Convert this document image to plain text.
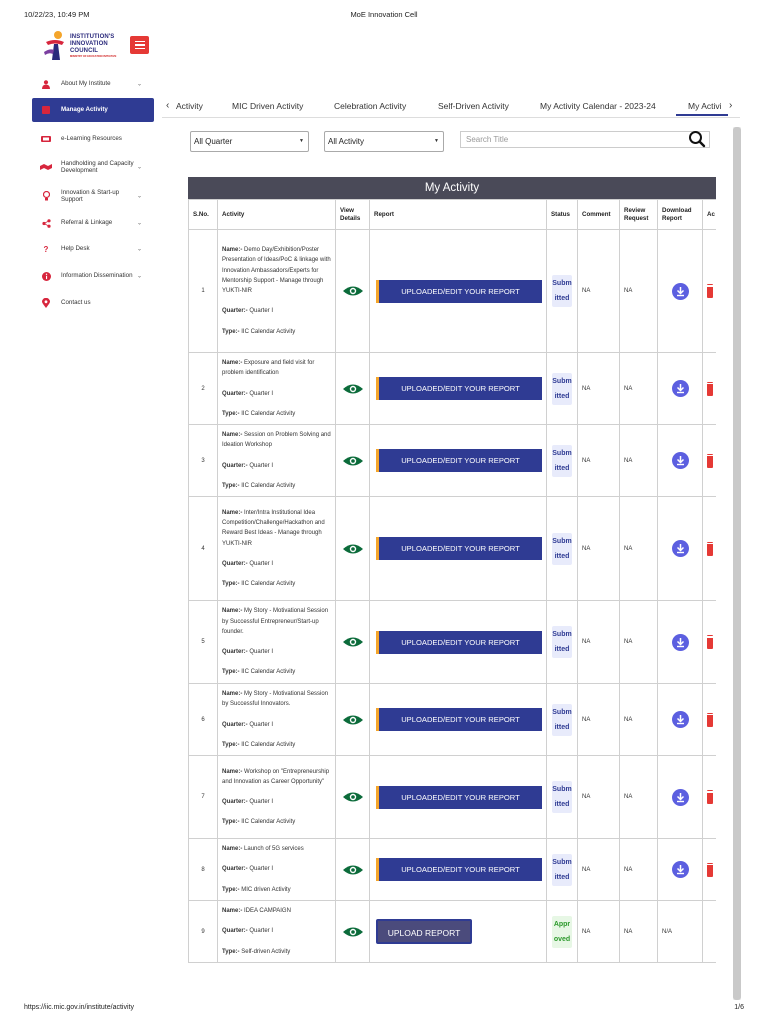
10/22/23, 10:49 PM	MoE Innovation Cell
INSTITUTION'S
INNOVATION
COUNCIL
MINISTRY OF EDUCATION INITIATIVE
About My Institute	⌄
Manage Activity
e-Learning Resources
Handholding and Capacity Development	⌄
Innovation & Start-up Support	⌄
Referral & Linkage	⌄
?	Help Desk	⌄
Information Dissemination ⌄
Contact us
‹ Activity	MIC Driven Activity	Celebration Activity	Self-Driven Activity	My Activity Calendar - 2023-24	My Activi ›
All Quarter	▼	All Activity	▼	Search Title
My Activity
S.No.	Activity	View Details	Report	Status	Comment	Review Request	Download Report	Ac
1	Name:- Demo Day/Exhibition/Poster Presentation of Ideas/PoC & linkage with Innovation Ambassadors/Experts for Mentorship Support - Manage through YUKTI-NIR

Quarter:- Quarter I

Type:- IIC Calendar Activity		UPLOADED/EDIT YOUR REPORT	Submitted	NA	NA	

2	Name:- Exposure and field visit for problem identification

Quarter:- Quarter I

Type:- IIC Calendar Activity		UPLOADED/EDIT YOUR REPORT	Submitted	NA	NA	

3	Name:- Session on Problem Solving and Ideation Workshop

Quarter:- Quarter I

Type:- IIC Calendar Activity		UPLOADED/EDIT YOUR REPORT	Submitted	NA	NA	

4	Name:- Inter/Intra Institutional Idea Competition/Challenge/Hackathon and Reward Best Ideas - Manage through YUKTI-NIR

Quarter:- Quarter I

Type:- IIC Calendar Activity		UPLOADED/EDIT YOUR REPORT	Submitted	NA	NA	

5	Name:- My Story - Motivational Session by Successful Entrepreneur/Start-up founder.

Quarter:- Quarter I

Type:- IIC Calendar Activity		UPLOADED/EDIT YOUR REPORT	Submitted	NA	NA	

6	Name:- My Story - Motivational Session by Successful Innovators.

Quarter:- Quarter I

Type:- IIC Calendar Activity		UPLOADED/EDIT YOUR REPORT	Submitted	NA	NA	

7	Name:- Workshop on "Entrepreneurship and Innovation as Career Opportunity"

Quarter:- Quarter I

Type:- IIC Calendar Activity		UPLOADED/EDIT YOUR REPORT	Submitted	NA	NA	

8	Name:- Launch of 5G services

Quarter:- Quarter I

Type:- MIC driven Activity		UPLOADED/EDIT YOUR REPORT	Submitted	NA	NA	

9	Name:- IDEA CAMPAIGN

Quarter:- Quarter I

Type:- Self-driven Activity		UPLOAD REPORT	Approved	NA	NA	N/A	
https://iic.mic.gov.in/institute/activity	1/6
